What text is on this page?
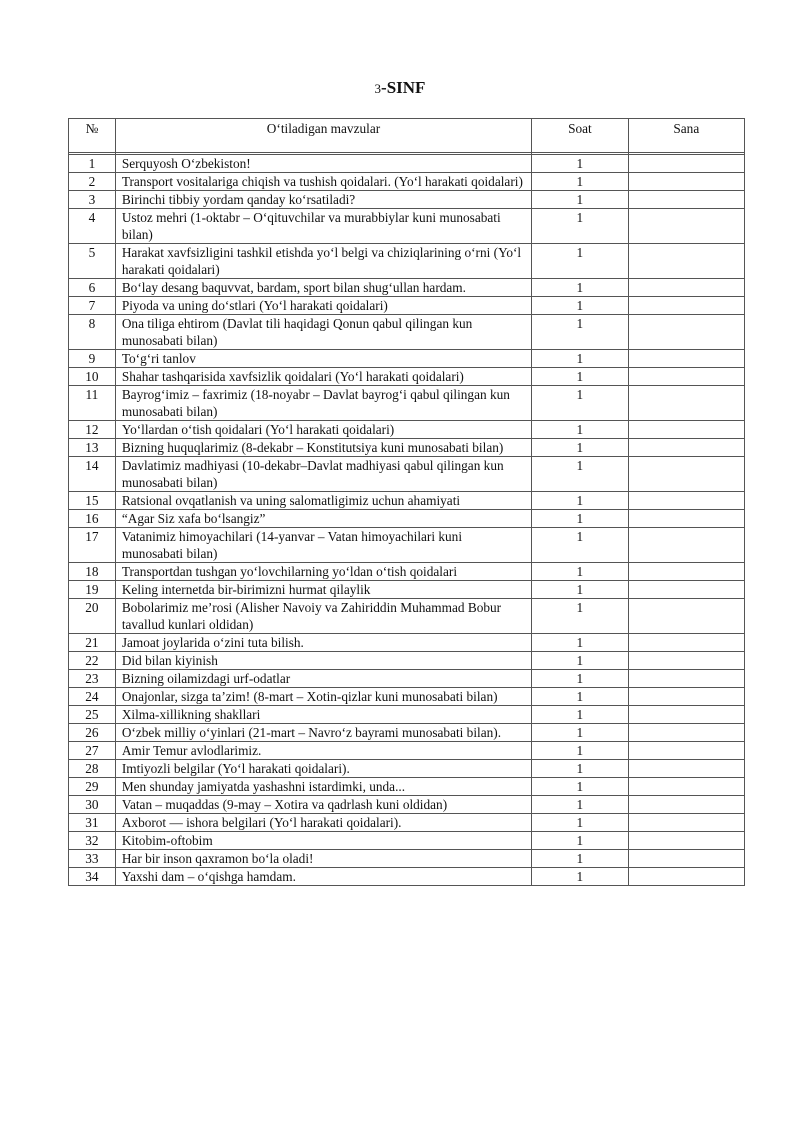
3-SINF
№	O‘tiladigan mavzular	Soat	Sana

1	Serquyosh O‘zbekiston!	1	
2	Transport vositalariga chiqish va tushish qoidalari. (Yo‘l harakati qoidalari)	1	
3	Birinchi tibbiy yordam qanday ko‘rsatiladi?	1	
4	Ustoz mehri (1-oktabr – O‘qituvchilar va murabbiylar kuni munosabati bilan)	1	
5	Harakat xavfsizligini tashkil etishda yo‘l belgi va chiziqlarining o‘rni (Yo‘l harakati qoidalari)	1	
6	Bo‘lay desang baquvvat, bardam, sport bilan shug‘ullan hardam.	1	
7	Piyoda va uning do‘stlari (Yo‘l harakati qoidalari)	1	
8	Ona tiliga ehtirom (Davlat tili haqidagi Qonun qabul qilingan kun munosabati bilan)	1	
9	To‘g‘ri tanlov	1	
10	Shahar tashqarisida xavfsizlik qoidalari (Yo‘l harakati qoidalari)	1	
11	Bayrog‘imiz – faxrimiz (18-noyabr – Davlat bayrog‘i qabul qilingan kun munosabati bilan)	1	
12	Yo‘llardan o‘tish qoidalari (Yo‘l harakati qoidalari)	1	
13	Bizning huquqlarimiz (8-dekabr – Konstitutsiya kuni munosabati bilan)	1	
14	Davlatimiz madhiyasi (10-dekabr–Davlat madhiyasi qabul qilingan kun munosabati bilan)	1	
15	Ratsional ovqatlanish va uning salomatligimiz uchun ahamiyati	1	
16	“Agar Siz xafa bo‘lsangiz”	1	
17	Vatanimiz himoyachilari (14-yanvar – Vatan himoyachilari kuni munosabati bilan)	1	
18	Transportdan tushgan yo‘lovchilarning yo‘ldan o‘tish qoidalari	1	
19	Keling internetda bir-birimizni hurmat qilaylik	1	
20	Bobolarimiz me’rosi (Alisher Navoiy va Zahiriddin Muhammad Bobur tavallud kunlari oldidan)	1	
21	Jamoat joylarida o‘zini tuta bilish.	1	
22	Did bilan kiyinish	1	
23	Bizning oilamizdagi urf-odatlar	1	
24	Onajonlar, sizga ta’zim! (8-mart – Xotin-qizlar kuni munosabati bilan)	1	
25	Xilma-xillikning shakllari	1	
26	O‘zbek milliy o‘yinlari (21-mart – Navro‘z bayrami munosabati bilan).	1	
27	Amir Temur avlodlarimiz.	1	
28	Imtiyozli belgilar (Yo‘l harakati qoidalari).	1	
29	Men shunday jamiyatda yashashni istardimki, unda...	1	
30	Vatan – muqaddas (9-may – Xotira va qadrlash kuni oldidan)	1	
31	Axborot — ishora belgilari (Yo‘l harakati qoidalari).	1	
32	Kitobim-oftobim	1	
33	Har bir inson qaxramon bo‘la oladi!	1	
34	Yaxshi dam – o‘qishga hamdam.	1	
